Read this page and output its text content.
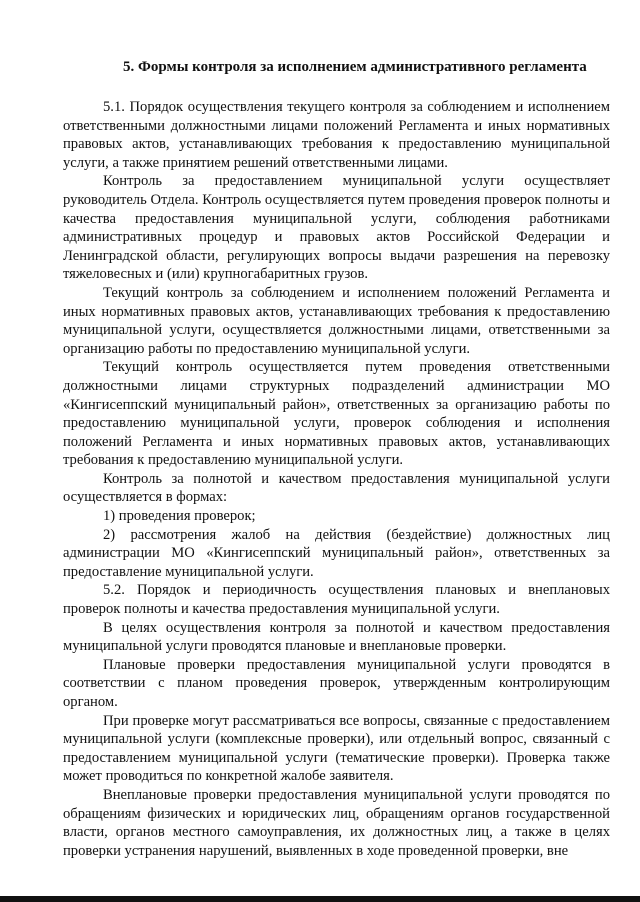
5. Формы контроля за исполнением административного регламента

5.1. Порядок осуществления текущего контроля за соблюдением и исполнением ответственными должностными лицами положений Регламента и иных нормативных правовых актов, устанавливающих требования к предоставлению муниципальной услуги, а также принятием решений ответственными лицами.

Контроль за предоставлением муниципальной услуги осуществляет руководитель Отдела. Контроль осуществляется путем проведения проверок полноты и качества предоставления муниципальной услуги, соблюдения работниками административных процедур и правовых актов Российской Федерации и Ленинградской области, регулирующих вопросы выдачи разрешения на перевозку тяжеловесных и (или) крупногабаритных грузов.

Текущий контроль за соблюдением и исполнением положений Регламента и иных нормативных правовых актов, устанавливающих требования к предоставлению муниципальной услуги, осуществляется должностными лицами, ответственными за организацию работы по предоставлению муниципальной услуги.

Текущий контроль осуществляется путем проведения ответственными должностными лицами структурных подразделений администрации МО «Кингисеппский муниципальный район», ответственных за организацию работы по предоставлению муниципальной услуги, проверок соблюдения и исполнения положений Регламента и иных нормативных правовых актов, устанавливающих требования к предоставлению муниципальной услуги.

Контроль за полнотой и качеством предоставления муниципальной услуги осуществляется в формах:

1) проведения проверок;

2) рассмотрения жалоб на действия (бездействие) должностных лиц администрации МО «Кингисеппский муниципальный район», ответственных за предоставление муниципальной услуги.

5.2. Порядок и периодичность осуществления плановых и внеплановых проверок полноты и качества предоставления муниципальной услуги.

В целях осуществления контроля за полнотой и качеством предоставления муниципальной услуги проводятся плановые и внеплановые проверки.

Плановые проверки предоставления муниципальной услуги проводятся в соответствии с планом проведения проверок, утвержденным контролирующим органом.

При проверке могут рассматриваться все вопросы, связанные с предоставлением муниципальной услуги (комплексные проверки), или отдельный вопрос, связанный с предоставлением муниципальной услуги (тематические проверки). Проверка также может проводиться по конкретной жалобе заявителя.

Внеплановые проверки предоставления муниципальной услуги проводятся по обращениям физических и юридических лиц, обращениям органов государственной власти, органов местного самоуправления, их должностных лиц, а также в целях проверки устранения нарушений, выявленных в ходе проведенной проверки, вне
